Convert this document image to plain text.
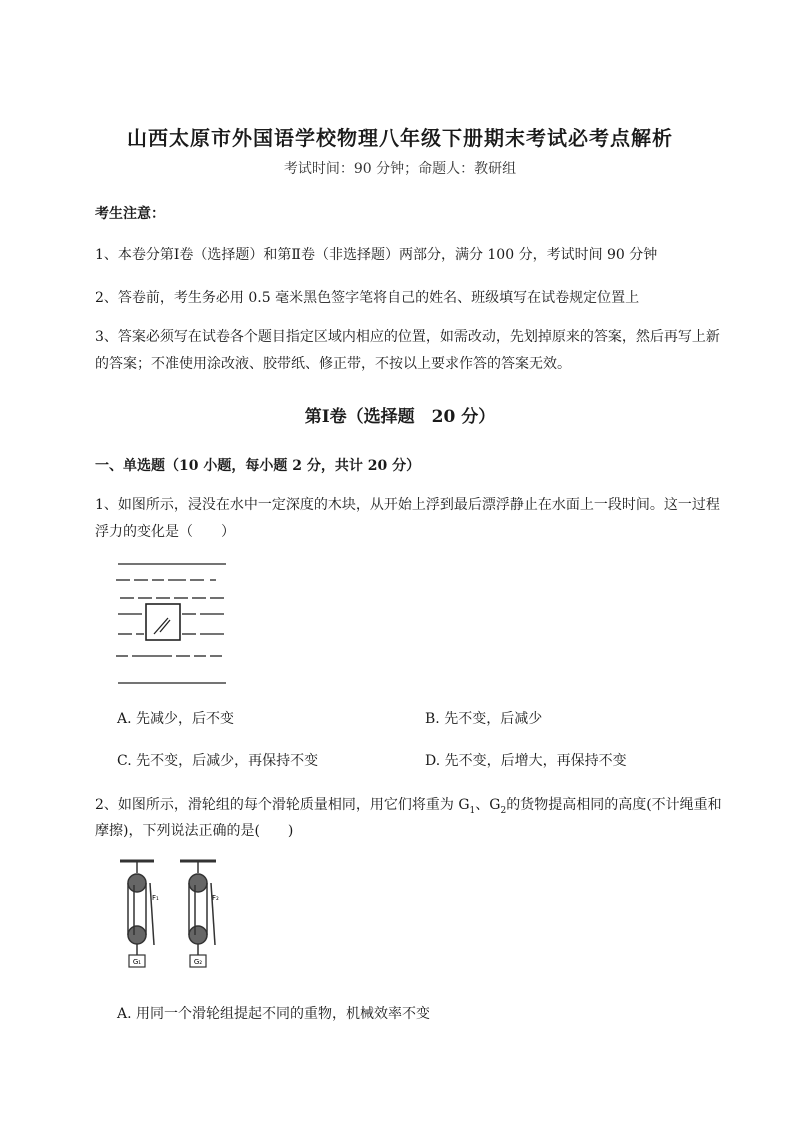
山西太原市外国语学校物理八年级下册期末考试必考点解析
考试时间：90 分钟；命题人：教研组
考生注意：
1、本卷分第Ⅰ卷（选择题）和第Ⅱ卷（非选择题）两部分，满分 100 分，考试时间 90 分钟
2、答卷前，考生务必用 0.5 毫米黑色签字笔将自己的姓名、班级填写在试卷规定位置上
3、答案必须写在试卷各个题目指定区域内相应的位置，如需改动，先划掉原来的答案，然后再写上新的答案；不准使用涂改液、胶带纸、修正带，不按以上要求作答的答案无效。
第Ⅰ卷（选择题　20 分）
一、单选题（10 小题，每小题 2 分，共计 20 分）
1、如图所示，浸没在水中一定深度的木块，从开始上浮到最后漂浮静止在水面上一段时间。这一过程浮力的变化是（　　）
A. 先减少，后不变	B. 先不变，后减少
C. 先不变，后减少，再保持不变	D. 先不变，后增大，再保持不变
2、如图所示，滑轮组的每个滑轮质量相同，用它们将重为 $G_1$、$G_2$的货物提高相同的高度(不计绳重和
摩擦)，下列说法正确的是(　　)
G₁	G₂
F₁	F₂
A. 用同一个滑轮组提起不同的重物，机械效率不变
